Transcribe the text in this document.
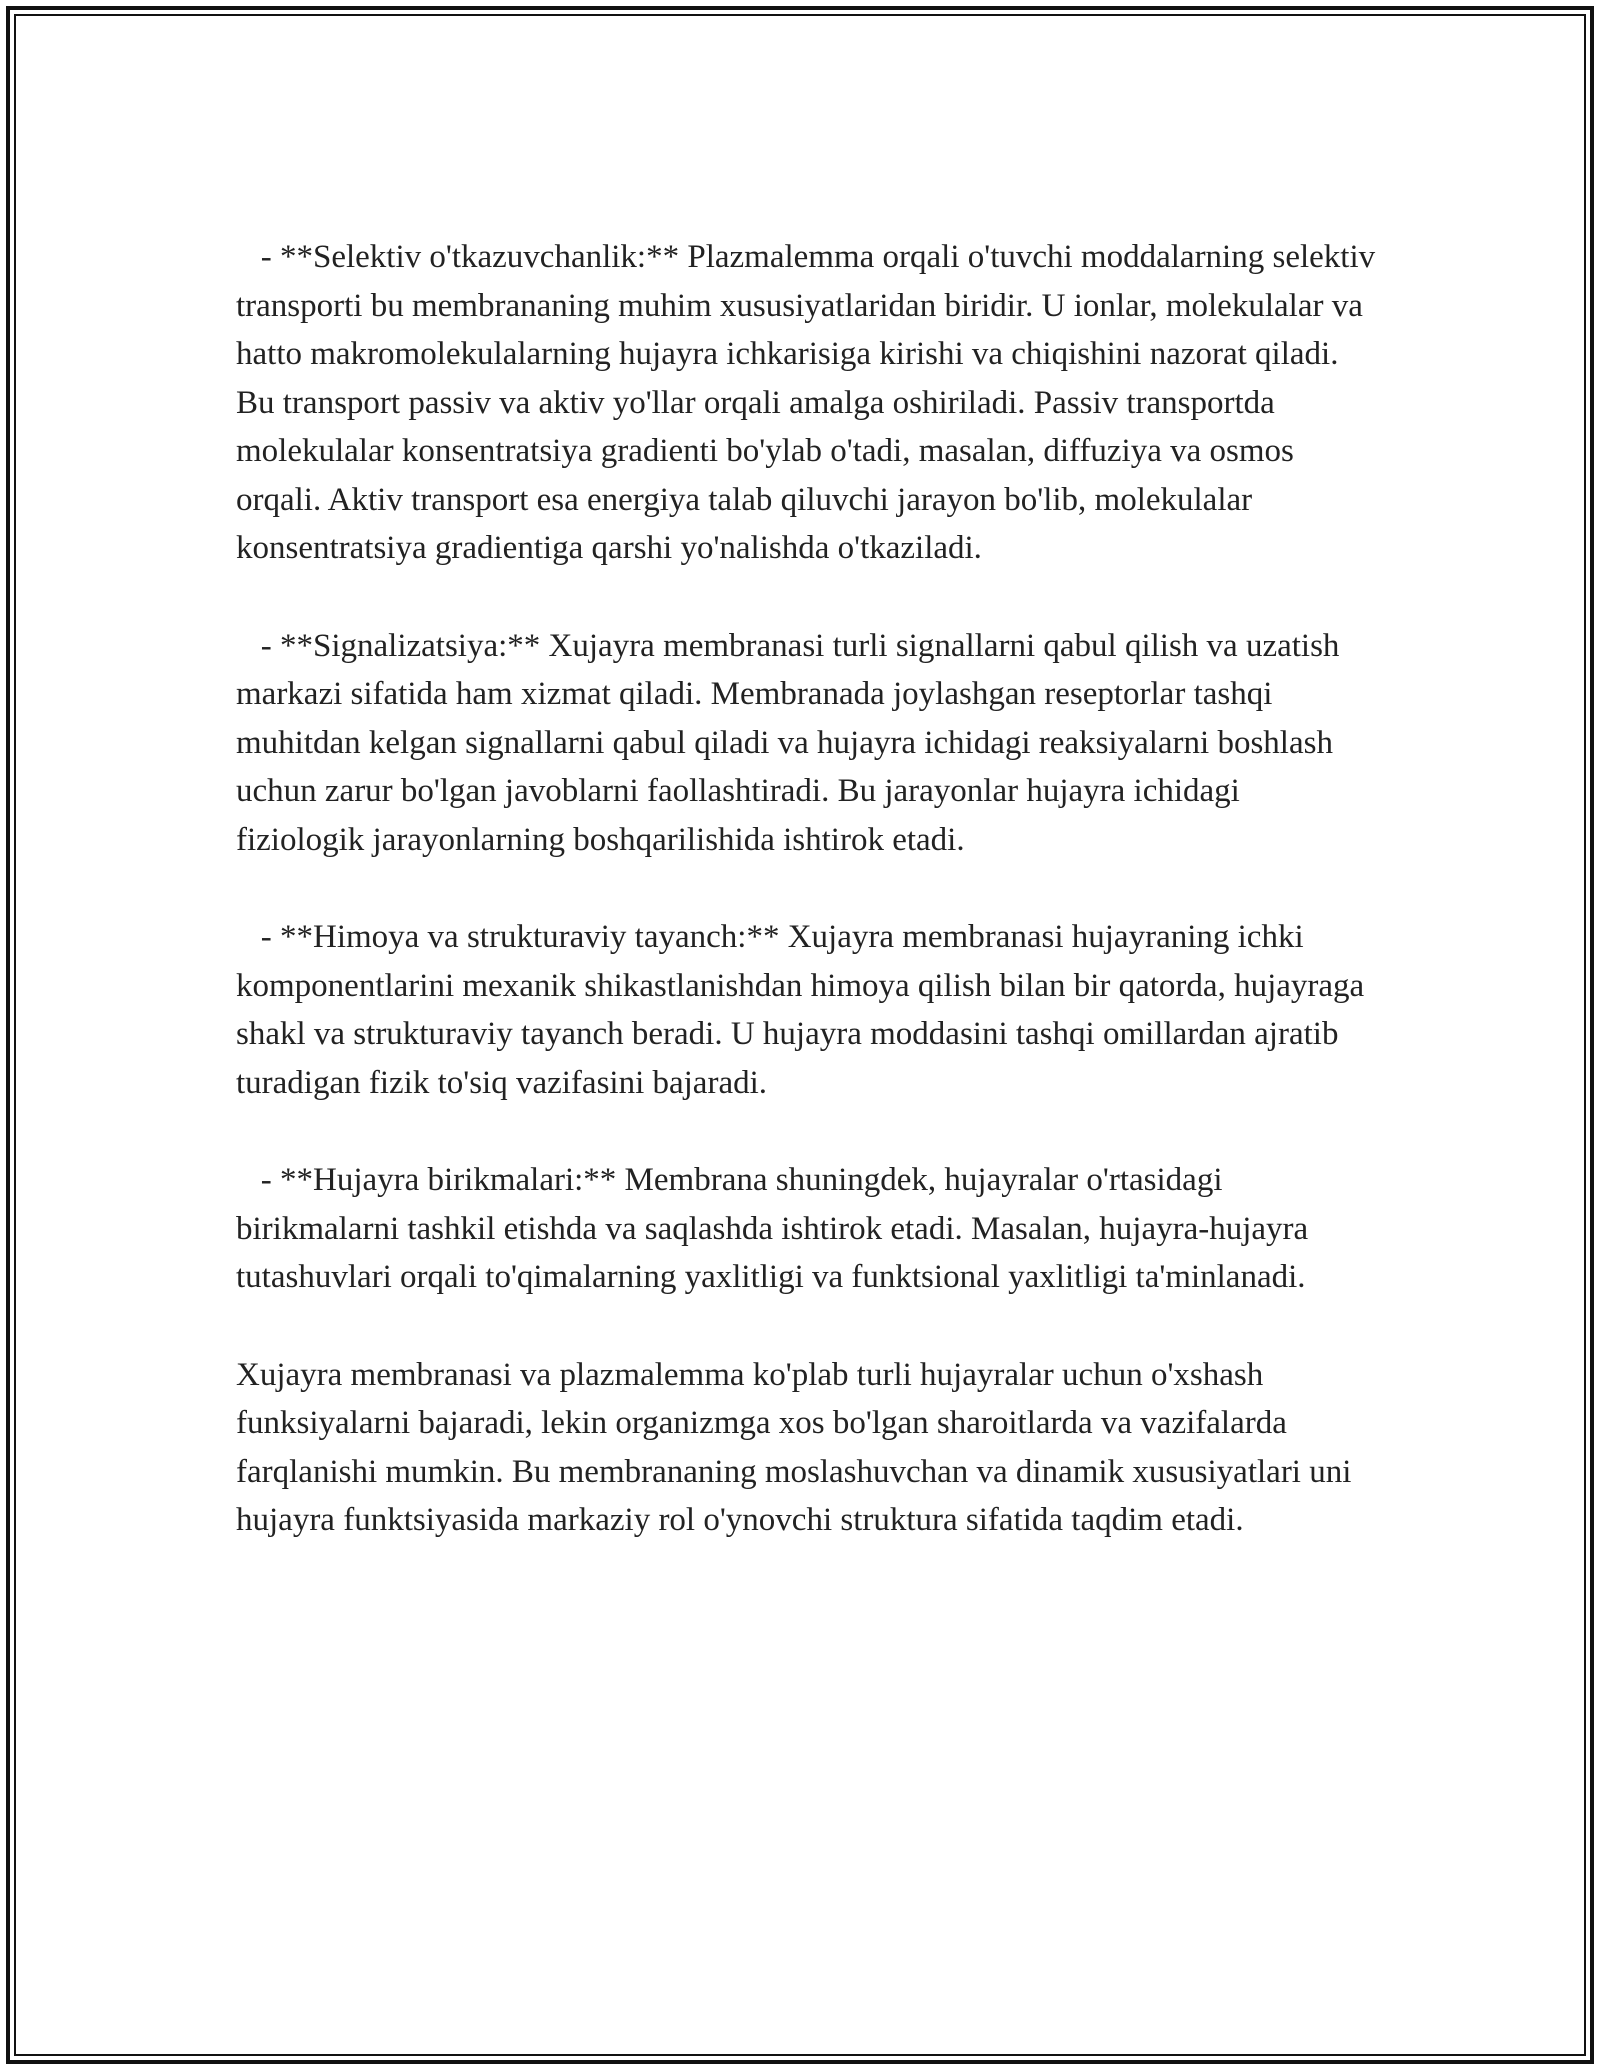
- **Selektiv o'tkazuvchanlik:** Plazmalemma orqali o'tuvchi moddalarning selektiv transporti bu membrananing muhim xususiyatlaridan biridir. U ionlar, molekulalar va hatto makromolekulalarning hujayra ichkarisiga kirishi va chiqishini nazorat qiladi. Bu transport passiv va aktiv yo'llar orqali amalga oshiriladi. Passiv transportda molekulalar konsentratsiya gradienti bo'ylab o'tadi, masalan, diffuziya va osmos orqali. Aktiv transport esa energiya talab qiluvchi jarayon bo'lib, molekulalar konsentratsiya gradientiga qarshi yo'nalishda o'tkaziladi.

- **Signalizatsiya:** Xujayra membranasi turli signallarni qabul qilish va uzatish markazi sifatida ham xizmat qiladi. Membranada joylashgan reseptorlar tashqi muhitdan kelgan signallarni qabul qiladi va hujayra ichidagi reaksiyalarni boshlash uchun zarur bo'lgan javoblarni faollashtiradi. Bu jarayonlar hujayra ichidagi fiziologik jarayonlarning boshqarilishida ishtirok etadi.

- **Himoya va strukturaviy tayanch:** Xujayra membranasi hujayraning ichki komponentlarini mexanik shikastlanishdan himoya qilish bilan bir qatorda, hujayraga shakl va strukturaviy tayanch beradi. U hujayra moddasini tashqi omillardan ajratib turadigan fizik to'siq vazifasini bajaradi.

- **Hujayra birikmalari:** Membrana shuningdek, hujayralar o'rtasidagi birikmalarni tashkil etishda va saqlashda ishtirok etadi. Masalan, hujayra-hujayra tutashuvlari orqali to'qimalarning yaxlitligi va funktsional yaxlitligi ta'minlanadi.

Xujayra membranasi va plazmalemma ko'plab turli hujayralar uchun o'xshash funksiyalarni bajaradi, lekin organizmga xos bo'lgan sharoitlarda va vazifalarda farqlanishi mumkin. Bu membrananing moslashuvchan va dinamik xususiyatlari uni hujayra funktsiyasida markaziy rol o'ynovchi struktura sifatida taqdim etadi.
